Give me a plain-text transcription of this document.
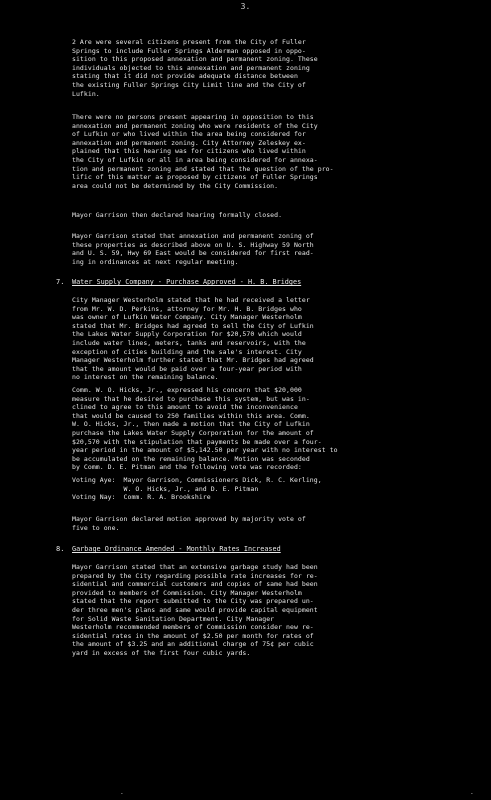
3.
2 Are were several citizens present from the City of Fuller
Springs to include Fuller Springs Alderman opposed in oppo-
sition to this proposed annexation and permanent zoning. These
individuals objected to this annexation and permanent zoning
stating that it did not provide adequate distance between
the existing Fuller Springs City Limit line and the City of
Lufkin.
There were no persons present appearing in opposition to this
annexation and permanent zoning who were residents of the City
of Lufkin or who lived within the area being considered for
annexation and permanent zoning. City Attorney Zeleskey ex-
plained that this hearing was for citizens who lived within
the City of Lufkin or all in area being considered for annexa-
tion and permanent zoning and stated that the question of the pro-
lific of this matter as proposed by citizens of Fuller Springs
area could not be determined by the City Commission.
Mayor Garrison then declared hearing formally closed.
Mayor Garrison stated that annexation and permanent zoning of
these properties as described above on U. S. Highway 59 North
and U. S. 59, Hwy 69 East would be considered for first read-
ing in ordinances at next regular meeting.
7. Water Supply Company - Purchase Approved - H. B. Bridges
City Manager Westerholm stated that he had received a letter
from Mr. W. D. Perkins, attorney for Mr. H. B. Bridges who
was owner of Lufkin Water Company. City Manager Westerholm
stated that Mr. Bridges had agreed to sell the City of Lufkin
the Lakes Water Supply Corporation for $20,570 which would
include water lines, meters, tanks and reservoirs, with the
exception of cities building and the sale's interest. City
Manager Westerholm further stated that Mr. Bridges had agreed
that the amount would be paid over a four-year period with
no interest on the remaining balance.
Comm. W. O. Hicks, Jr., expressed his concern that $20,000
measure that he desired to purchase this system, but was in-
clined to agree to this amount to avoid the inconvenience
that would be caused to 250 families within this area. Comm.
W. O. Hicks, Jr., then made a motion that the City of Lufkin
purchase the Lakes Water Supply Corporation for the amount of
$20,570 with the stipulation that payments be made over a four-
year period in the amount of $5,142.50 per year with no interest to
be accumulated on the remaining balance. Motion was seconded
by Comm. D. E. Pitman and the following vote was recorded:
Voting Aye:  Mayor Garrison, Commissioners Dick, R. C. Kerling,
W. O. Hicks, Jr., and D. E. Pitman
Voting Nay:  Comm. R. A. Brookshire
Mayor Garrison declared motion approved by majority vote of
five to one.
8. Garbage Ordinance Amended - Monthly Rates Increased
Mayor Garrison stated that an extensive garbage study had been
prepared by the City regarding possible rate increases for re-
sidential and commercial customers and copies of same had been
provided to members of Commission. City Manager Westerholm
stated that the report submitted to the City was prepared un-
der three men's plans and same would provide capital equipment
for Solid Waste Sanitation Department. City Manager
Westerholm recommended members of Commission consider new re-
sidential rates in the amount of $2.50 per month for rates of
the amount of $3.25 and an additional charge of 75¢ per cubic
yard in excess of the first four cubic yards.
-	-
